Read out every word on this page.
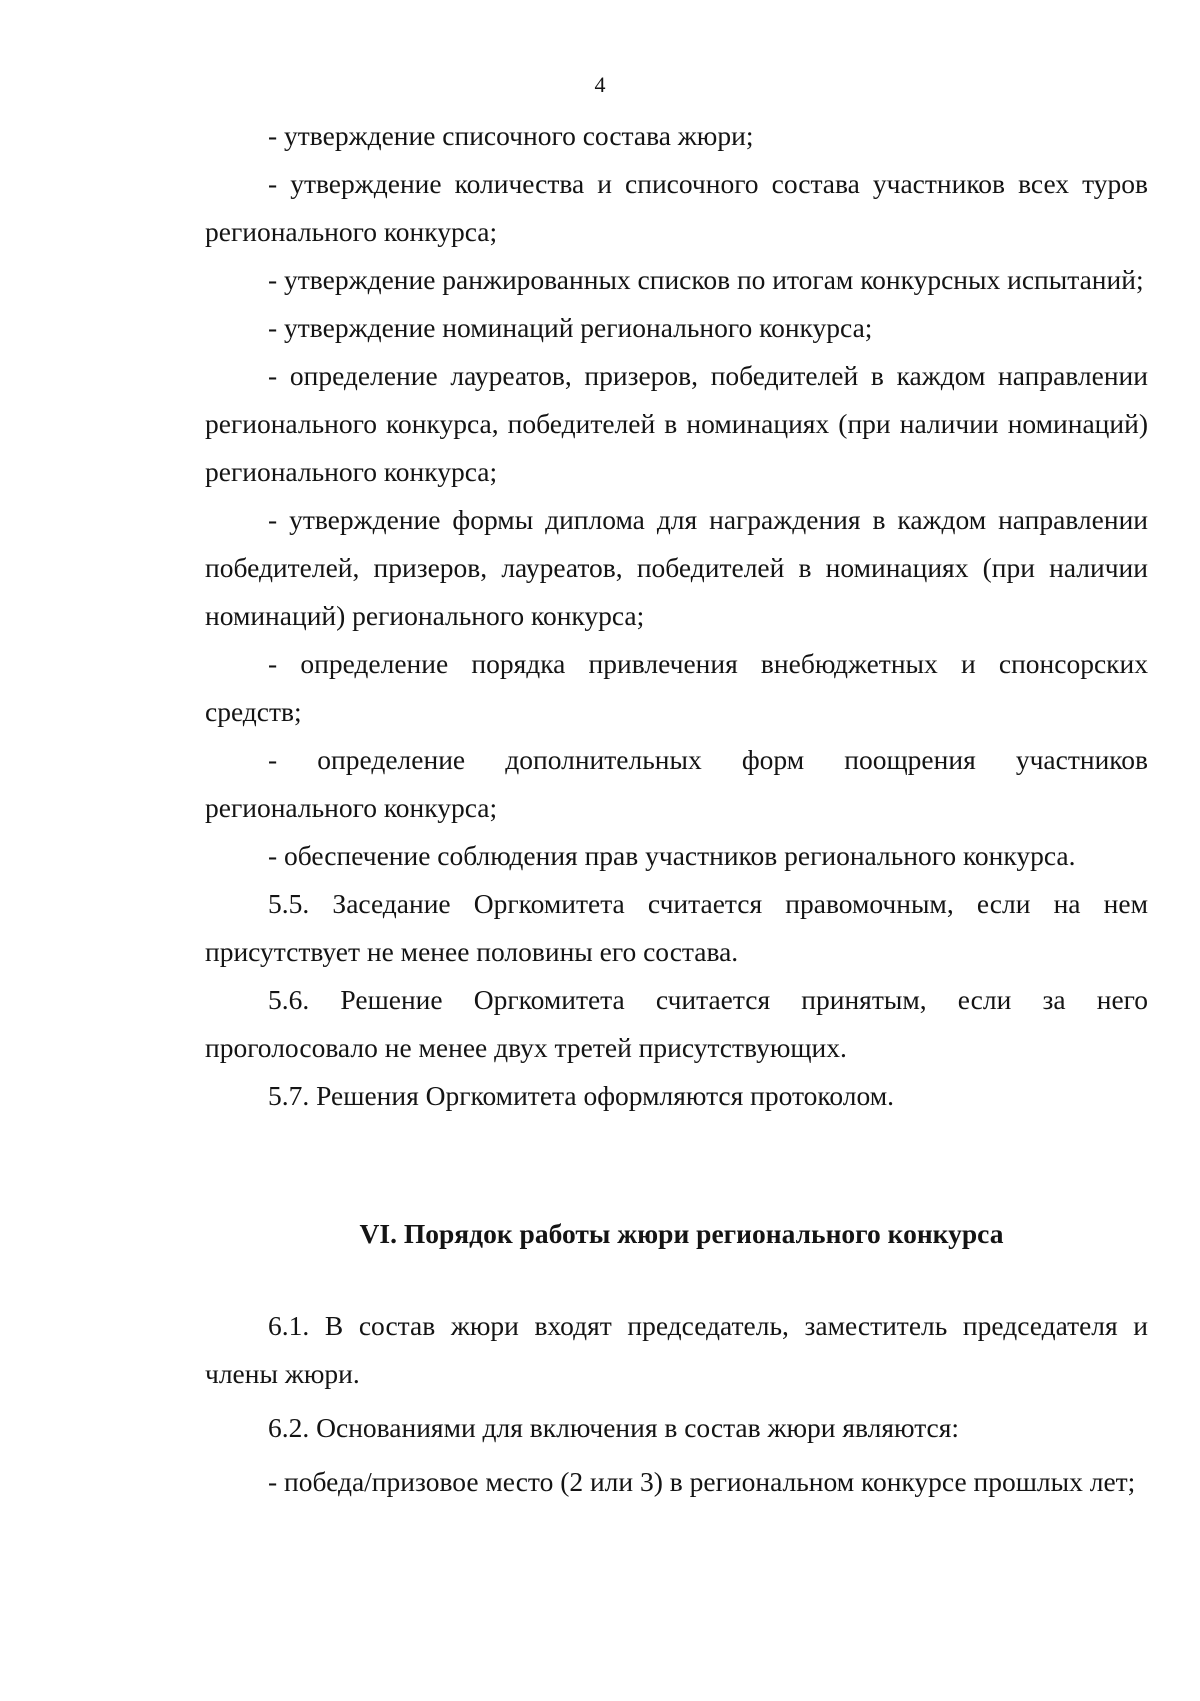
4

- утверждение списочного состава жюри;

- утверждение количества и списочного состава участников всех туров регионального конкурса;

- утверждение ранжированных списков по итогам конкурсных испытаний;

- утверждение номинаций регионального конкурса;

- определение лауреатов, призеров, победителей в каждом направлении регионального конкурса, победителей в номинациях (при наличии номинаций) регионального конкурса;

- утверждение формы диплома для награждения в каждом направлении победителей, призеров, лауреатов, победителей в номинациях (при наличии номинаций) регионального конкурса;

- определение порядка привлечения внебюджетных и спонсорских средств;

- определение дополнительных форм поощрения участников регионального конкурса;

- обеспечение соблюдения прав участников регионального конкурса.

5.5. Заседание Оргкомитета считается правомочным, если на нем присутствует не менее половины его состава.

5.6. Решение Оргкомитета считается принятым, если за него проголосовало не менее двух третей присутствующих.

5.7. Решения Оргкомитета оформляются протоколом.

VI. Порядок работы жюри регионального конкурса

6.1. В состав жюри входят председатель, заместитель председателя и члены жюри.

6.2. Основаниями для включения в состав жюри являются:

- победа/призовое место (2 или 3) в региональном конкурсе прошлых лет;
